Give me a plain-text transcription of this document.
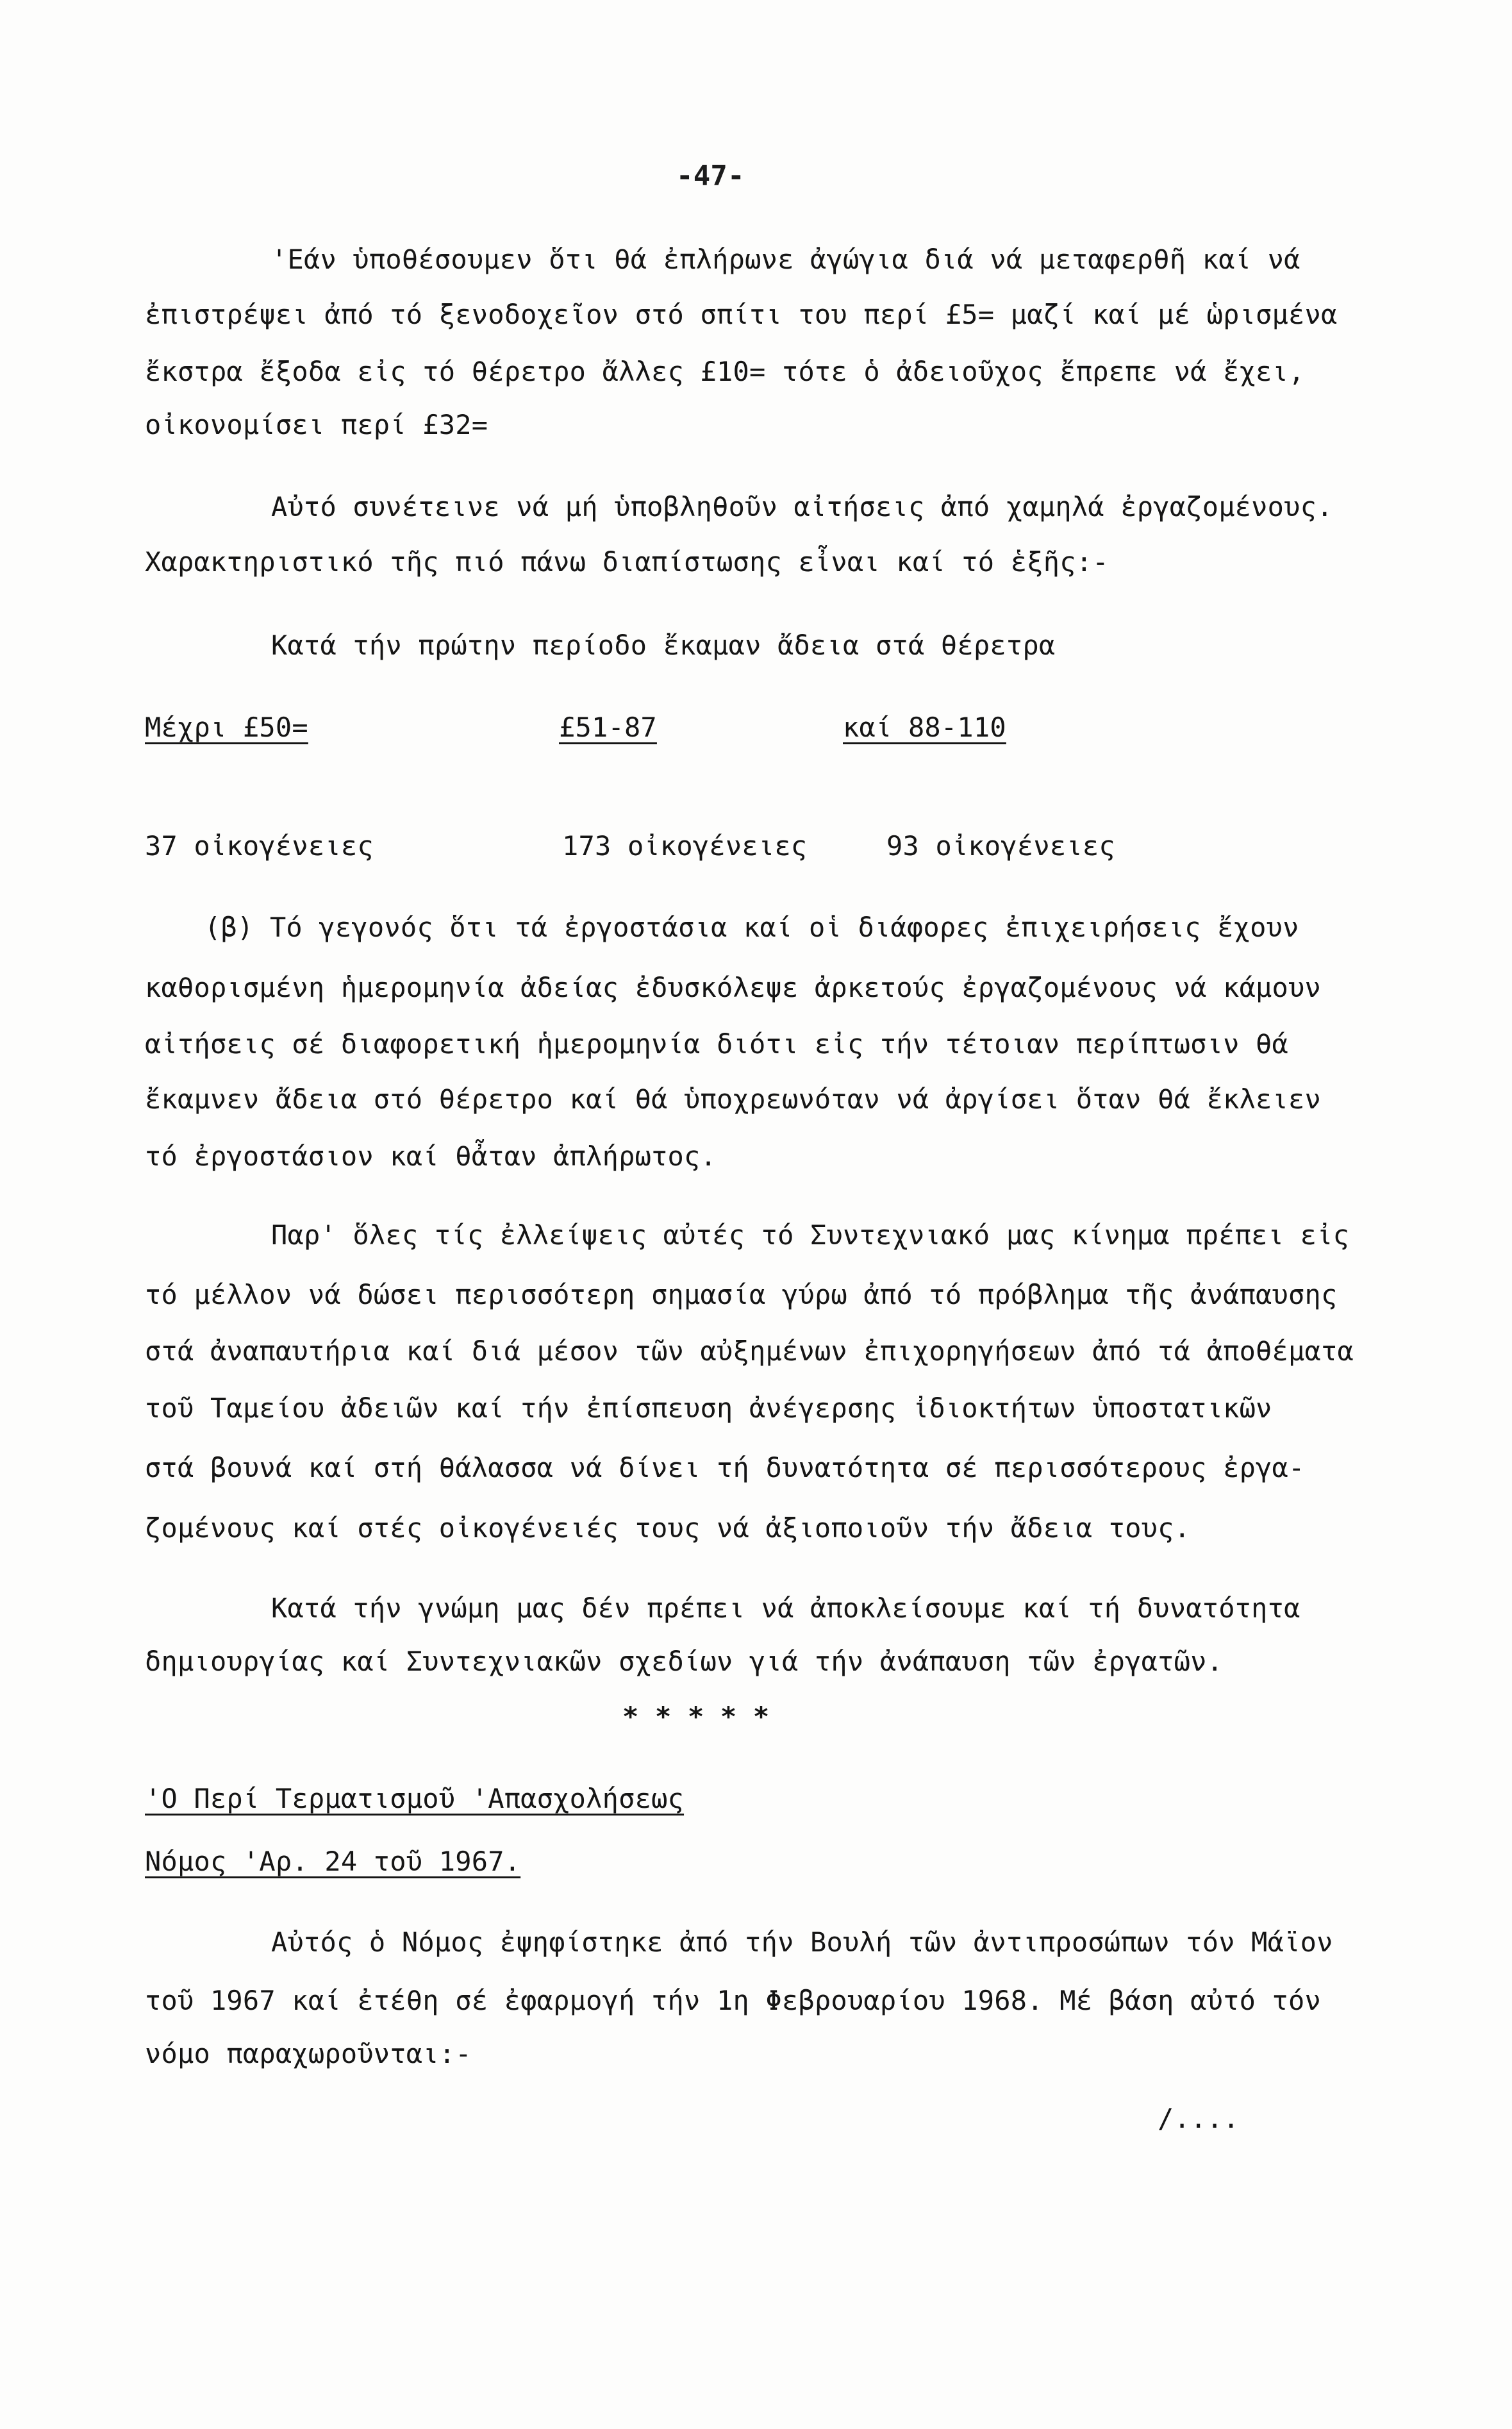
-47-
'Εάν ὑποθέσουμεν ὅτι θά ἐπλήρωνε ἀγώγια διά νά μεταφερθῆ καί νά
ἐπιστρέψει ἀπό τό ξενοδοχεῖον στό σπίτι του περί £5= μαζί καί μέ ὡρισμένα
ἔκστρα ἔξοδα εἰς τό θέρετρο ἄλλες £10= τότε ὁ ἀδειοῦχος ἔπρεπε νά ἔχει,
οἰκονομίσει περί £32=
Αὐτό συνέτεινε νά μή ὑποβληθοῦν αἰτήσεις ἀπό χαμηλά ἐργαζομένους.
Χαρακτηριστικό τῆς πιό πάνω διαπίστωσης εἶναι καί τό ἑξῆς:-
Κατά τήν πρώτην περίοδο ἔκαμαν ἄδεια στά θέρετρα
Μέχρι £50=	£51-87	καί 88-110
37 οἰκογένειες	173 οἰκογένειες	93 οἰκογένειες
(β) Τό γεγονός ὅτι τά ἐργοστάσια καί οἱ διάφορες ἐπιχειρήσεις ἔχουν
καθορισμένη ἡμερομηνία ἀδείας ἐδυσκόλεψε ἀρκετούς ἐργαζομένους νά κάμουν
αἰτήσεις σέ διαφορετική ἡμερομηνία διότι εἰς τήν τέτοιαν περίπτωσιν θά
ἔκαμνεν ἄδεια στό θέρετρο καί θά ὑποχρεωνόταν νά ἀργίσει ὅταν θά ἔκλειεν
τό ἐργοστάσιον καί θἆταν ἀπλήρωτος.
Παρ' ὅλες τίς ἐλλείψεις αὐτές τό Συντεχνιακό μας κίνημα πρέπει εἰς
τό μέλλον νά δώσει περισσότερη σημασία γύρω ἀπό τό πρόβλημα τῆς ἀνάπαυσης
στά ἀναπαυτήρια καί διά μέσον τῶν αὐξημένων ἐπιχορηγήσεων ἀπό τά ἀποθέματα
τοῦ Ταμείου ἀδειῶν καί τήν ἐπίσπευση ἀνέγερσης ἰδιοκτήτων ὑποστατικῶν
στά βουνά καί στή θάλασσα νά δίνει τή δυνατότητα σέ περισσότερους ἐργα-
ζομένους καί στές οἰκογένειές τους νά ἀξιοποιοῦν τήν ἄδεια τους.
Κατά τήν γνώμη μας δέν πρέπει νά ἀποκλείσουμε καί τή δυνατότητα
δημιουργίας καί Συντεχνιακῶν σχεδίων γιά τήν ἀνάπαυση τῶν ἐργατῶν.
* * * * *
'Ο Περί Τερματισμοῦ 'Απασχολήσεως
Νόμος 'Αρ. 24 τοῦ 1967.
Αὐτός ὁ Νόμος ἐψηφίστηκε ἀπό τήν Βουλή τῶν ἀντιπροσώπων τόν Μάϊον
τοῦ 1967 καί ἐτέθη σέ ἐφαρμογή τήν 1η Φεβρουαρίου 1968. Μέ βάση αὐτό τόν
νόμο παραχωροῦνται:-
/....
